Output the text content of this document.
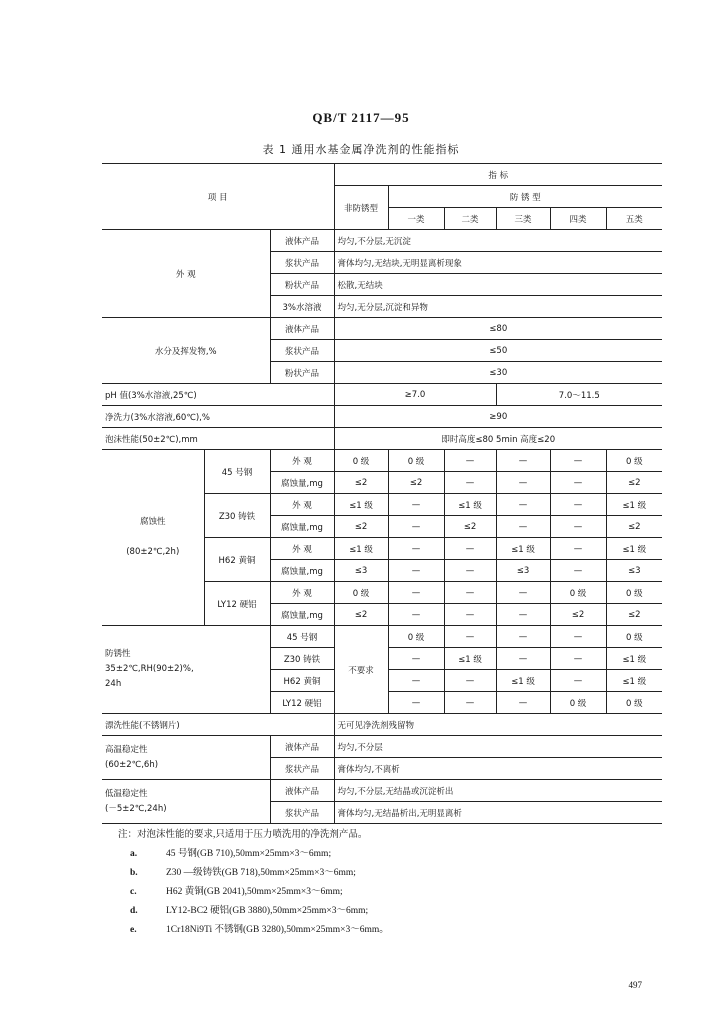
QB/T 2117—95
表 1 通用水基金属净洗剂的性能指标
项 目			指 标					
			非防锈型	防 锈 型				
				一类	二类	三类	四类	五类
外 观		液体产品	均匀,不分层,无沉淀					
		浆状产品	膏体均匀,无结块,无明显离析现象					
		粉状产品	松散,无结块					
		3%水溶液	均匀,无分层,沉淀和异物					
水分及挥发物,%		液体产品	≤80					
		浆状产品	≤50					
		粉状产品	≤30					
pH 值(3%水溶液,25℃)			≥7.0			7.0～11.5		
净洗力(3%水溶液,60℃),%			≥90					
泡沫性能(50±2℃),mm			即时高度≤80 5min 高度≤20					
腐蚀性

(80±2℃,2h)	45 号钢	外 观	0 级	0 级	—	—	—	0 级
		腐蚀量,mg	≤2	≤2	—	—	—	≤2
	Z30 铸铁	外 观	≤1 级	—	≤1 级	—	—	≤1 级
		腐蚀量,mg	≤2	—	≤2	—	—	≤2
	H62 黄铜	外 观	≤1 级	—	—	≤1 级	—	≤1 级
		腐蚀量,mg	≤3	—	—	≤3	—	≤3
	LY12 硬铝	外 观	0 级	—	—	—	0 级	0 级
		腐蚀量,mg	≤2	—	—	—	≤2	≤2
防锈性
35±2℃,RH(90±2)%,
24h		45 号钢	不要求	0 级	—	—	—	0 级
		Z30 铸铁		—	≤1 级	—	—	≤1 级
		H62 黄铜		—	—	≤1 级	—	≤1 级
		LY12 硬铝		—	—	—	0 级	0 级
漂洗性能(不锈钢片)			无可见净洗剂残留物					
高温稳定性
(60±2℃,6h)		液体产品	均匀,不分层					
		浆状产品	膏体均匀,不离析					
低温稳定性
(－5±2℃,24h)		液体产品	均匀,不分层,无结晶或沉淀析出					
		浆状产品	膏体均匀,无结晶析出,无明显离析					
注：对泡沫性能的要求,只适用于压力喷洗用的净洗剂产品。
a.	45 号钢(GB 710),50mm×25mm×3～6mm;
b.	Z30 —级铸铁(GB 718),50mm×25mm×3～6mm;
c.	H62 黄铜(GB 2041),50mm×25mm×3～6mm;
d.	LY12-BC2 硬铝(GB 3880),50mm×25mm×3～6mm;
e.	1Cr18Ni9Ti 不锈钢(GB 3280),50mm×25mm×3～6mm。
497
